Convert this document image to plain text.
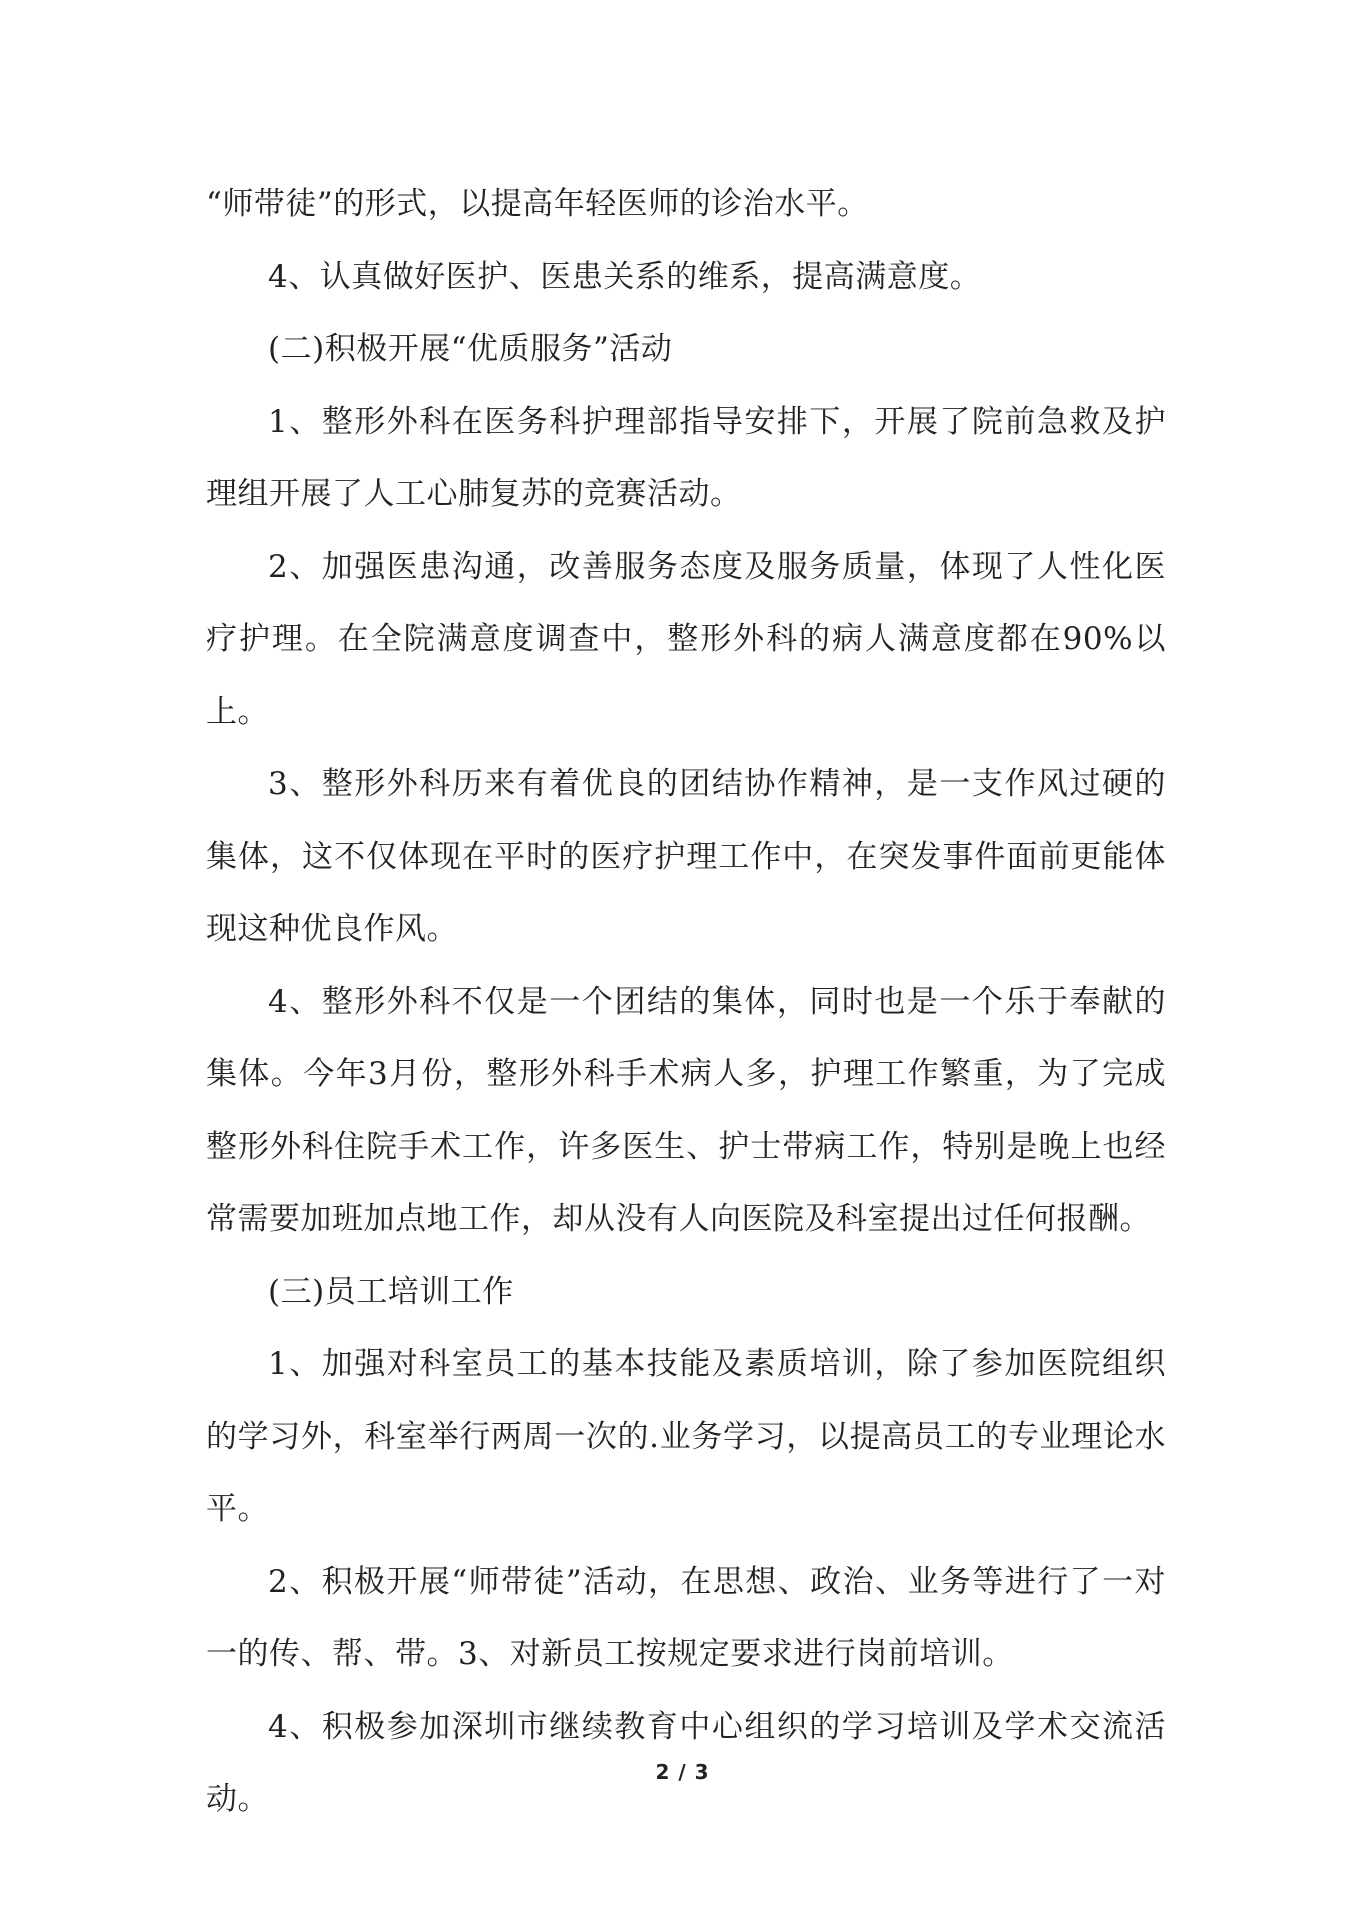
“师带徒”的形式，以提高年轻医师的诊治水平。

4、认真做好医护、医患关系的维系，提高满意度。

(二)积极开展“优质服务”活动

1、整形外科在医务科护理部指导安排下，开展了院前急救及护理组开展了人工心肺复苏的竞赛活动。

2、加强医患沟通，改善服务态度及服务质量，体现了人性化医疗护理。在全院满意度调查中，整形外科的病人满意度都在90%以上。

3、整形外科历来有着优良的团结协作精神，是一支作风过硬的集体，这不仅体现在平时的医疗护理工作中，在突发事件面前更能体现这种优良作风。

4、整形外科不仅是一个团结的集体，同时也是一个乐于奉献的集体。今年3月份，整形外科手术病人多，护理工作繁重，为了完成整形外科住院手术工作，许多医生、护士带病工作，特别是晚上也经常需要加班加点地工作，却从没有人向医院及科室提出过任何报酬。

(三)员工培训工作

1、加强对科室员工的基本技能及素质培训，除了参加医院组织的学习外，科室举行两周一次的.业务学习，以提高员工的专业理论水平。

2、积极开展“师带徒”活动，在思想、政治、业务等进行了一对一的传、帮、带。3、对新员工按规定要求进行岗前培训。

4、积极参加深圳市继续教育中心组织的学习培训及学术交流活动。

2 / 3
